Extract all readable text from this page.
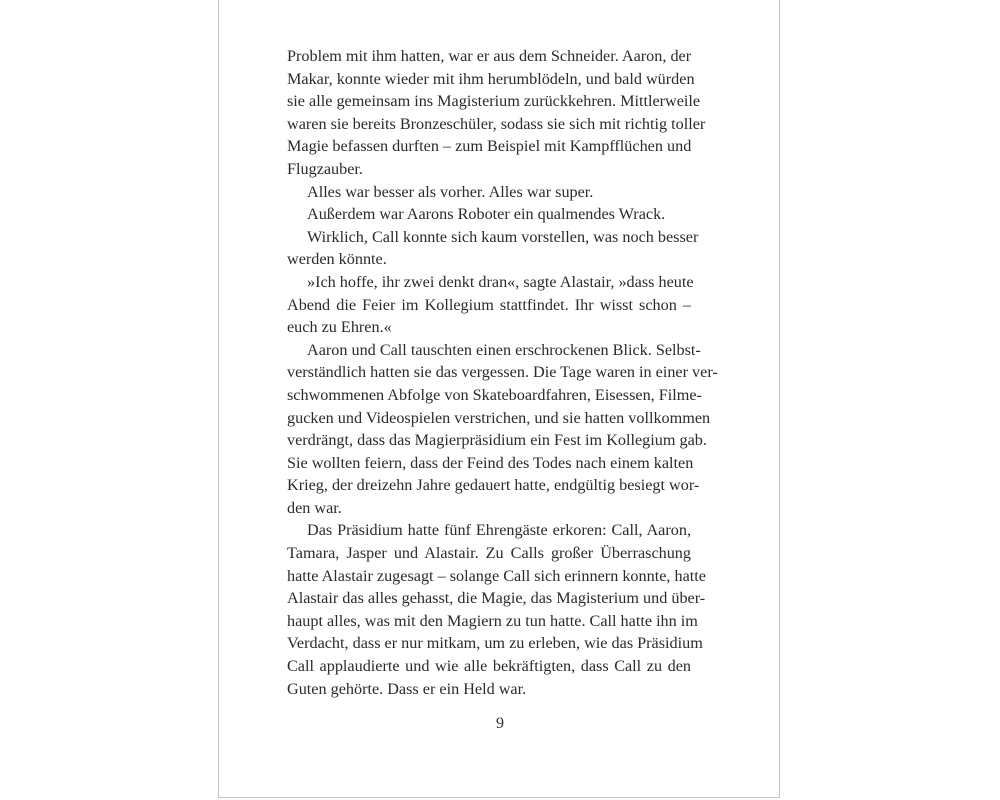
Problem mit ihm hatten, war er aus dem Schneider. Aaron, der
Makar, konnte wieder mit ihm herumblödeln, und bald würden
sie alle gemeinsam ins Magisterium zurückkehren. Mittlerweile
waren sie bereits Bronzeschüler, sodass sie sich mit richtig toller
Magie befassen durften – zum Beispiel mit Kampfflüchen und
Flugzauber.
Alles war besser als vorher. Alles war super.
Außerdem war Aarons Roboter ein qualmendes Wrack.
Wirklich, Call konnte sich kaum vorstellen, was noch besser
werden könnte.
»Ich hoffe, ihr zwei denkt dran«, sagte Alastair, »dass heute
Abend die Feier im Kollegium stattfindet. Ihr wisst schon –
euch zu Ehren.«
Aaron und Call tauschten einen erschrockenen Blick. Selbst-
verständlich hatten sie das vergessen. Die Tage waren in einer ver-
schwommenen Abfolge von Skateboardfahren, Eisessen, Filme-
gucken und Videospielen verstrichen, und sie hatten vollkommen
verdrängt, dass das Magierpräsidium ein Fest im Kollegium gab.
Sie wollten feiern, dass der Feind des Todes nach einem kalten
Krieg, der dreizehn Jahre gedauert hatte, endgültig besiegt wor-
den war.
Das Präsidium hatte fünf Ehrengäste erkoren: Call, Aaron,
Tamara, Jasper und Alastair. Zu Calls großer Überraschung
hatte Alastair zugesagt – solange Call sich erinnern konnte, hatte
Alastair das alles gehasst, die Magie, das Magisterium und über-
haupt alles, was mit den Magiern zu tun hatte. Call hatte ihn im
Verdacht, dass er nur mitkam, um zu erleben, wie das Präsidium
Call applaudierte und wie alle bekräftigten, dass Call zu den
Guten gehörte. Dass er ein Held war.
9
